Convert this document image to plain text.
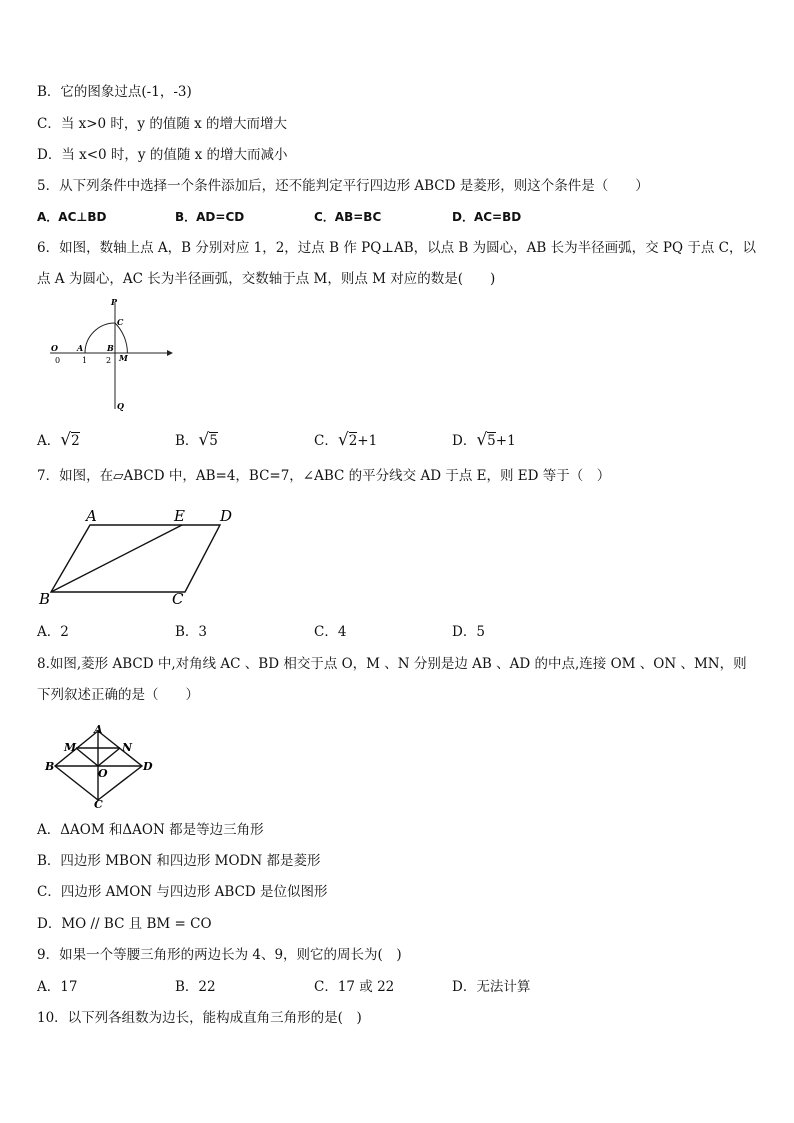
B．它的图象过点(-1，-3)
C．当 x>0 时，y 的值随 x 的增大而增大
D．当 x<0 时，y 的值随 x 的增大而减小
5．从下列条件中选择一个条件添加后，还不能判定平行四边形 ABCD 是菱形，则这个条件是（　　）
A．AC⊥BD	B．AD=CD	C．AB=BC	D．AC=BD
6．如图，数轴上点 A，B 分别对应 1，2，过点 B 作 PQ⊥AB，以点 B 为圆心，AB 长为半径画弧，交 PQ 于点 C，以点 A 为圆心，AC 长为半径画弧，交数轴于点 M，则点 M 对应的数是(　　)
P
C
O A	B
M
0	1 2
Q
A．√2	B．√5	C．√2+1	D．√5+1
7．如图，在▱ABCD 中，AB=4，BC=7，∠ABC 的平分线交 AD 于点 E，则 ED 等于（　）
A	E D
B	C
A．2	B．3	C．4	D．5
8.如图,菱形 ABCD 中,对角线 AC 、BD 相交于点 O，M 、N 分别是边 AB 、AD 的中点,连接 OM 、ON 、MN，则下列叙述正确的是（　　）
A
M	N
B
O
D
C
A．ΔAOM 和ΔAON 都是等边三角形
B．四边形 MBON 和四边形 MODN 都是菱形
C．四边形 AMON 与四边形 ABCD 是位似图形
D．MO // BC 且 BM = CO
9．如果一个等腰三角形的两边长为 4、9，则它的周长为(　)
A．17	B．22	C．17 或 22	D．无法计算
10．以下列各组数为边长，能构成直角三角形的是(　)
